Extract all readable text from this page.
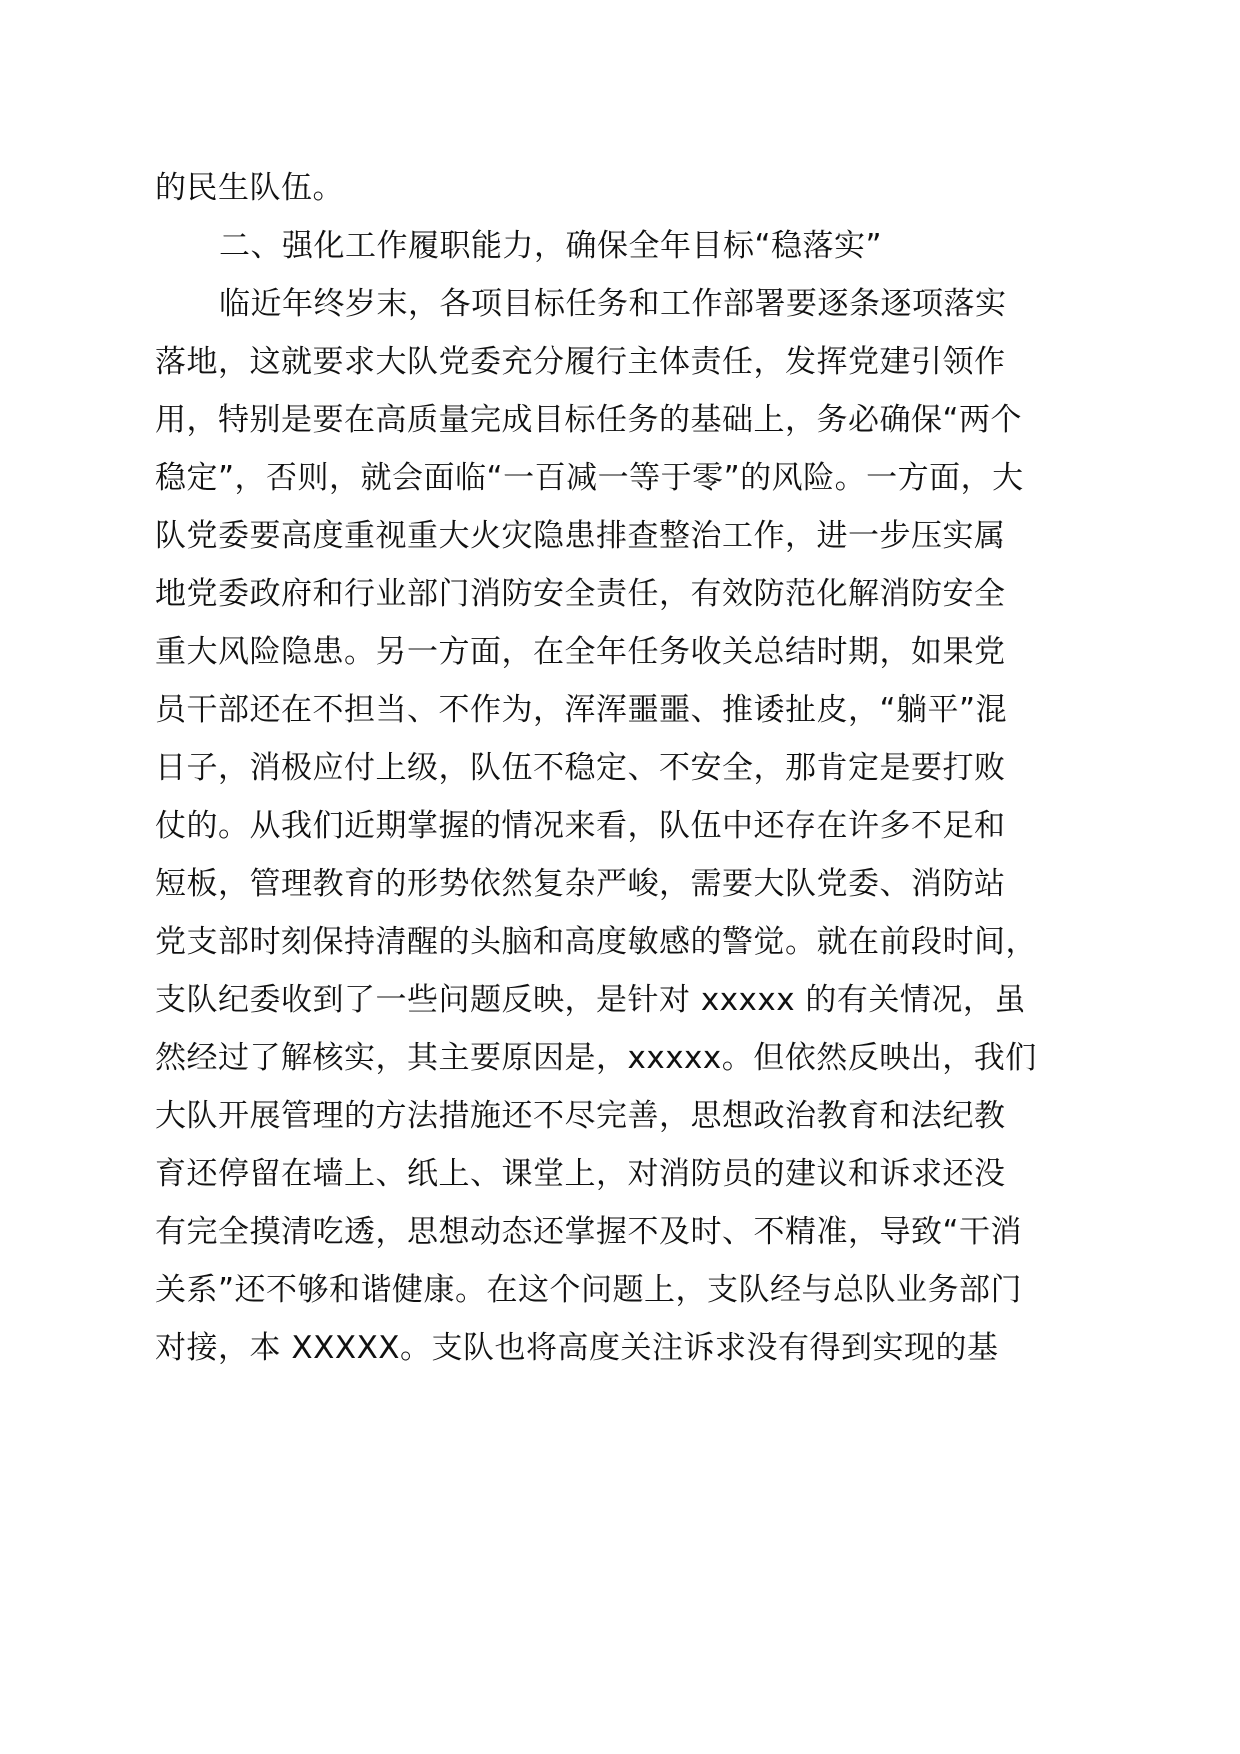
的民生队伍。
二、强化工作履职能力，确保全年目标“稳落实”
临近年终岁末，各项目标任务和工作部署要逐条逐项落实
落地，这就要求大队党委充分履行主体责任，发挥党建引领作
用，特别是要在高质量完成目标任务的基础上，务必确保“两个
稳定”，否则，就会面临“一百减一等于零”的风险。一方面，大
队党委要高度重视重大火灾隐患排查整治工作，进一步压实属
地党委政府和行业部门消防安全责任，有效防范化解消防安全
重大风险隐患。另一方面，在全年任务收关总结时期，如果党
员干部还在不担当、不作为，浑浑噩噩、推诿扯皮，“躺平”混
日子，消极应付上级，队伍不稳定、不安全，那肯定是要打败
仗的。从我们近期掌握的情况来看，队伍中还存在许多不足和
短板，管理教育的形势依然复杂严峻，需要大队党委、消防站
党支部时刻保持清醒的头脑和高度敏感的警觉。就在前段时间，
支队纪委收到了一些问题反映，是针对 xxxxx 的有关情况，虽
然经过了解核实，其主要原因是，xxxxx。但依然反映出，我们
大队开展管理的方法措施还不尽完善，思想政治教育和法纪教
育还停留在墙上、纸上、课堂上，对消防员的建议和诉求还没
有完全摸清吃透，思想动态还掌握不及时、不精准，导致“干消
关系”还不够和谐健康。在这个问题上，支队经与总队业务部门
对接，本 XXXXX。支队也将高度关注诉求没有得到实现的基
